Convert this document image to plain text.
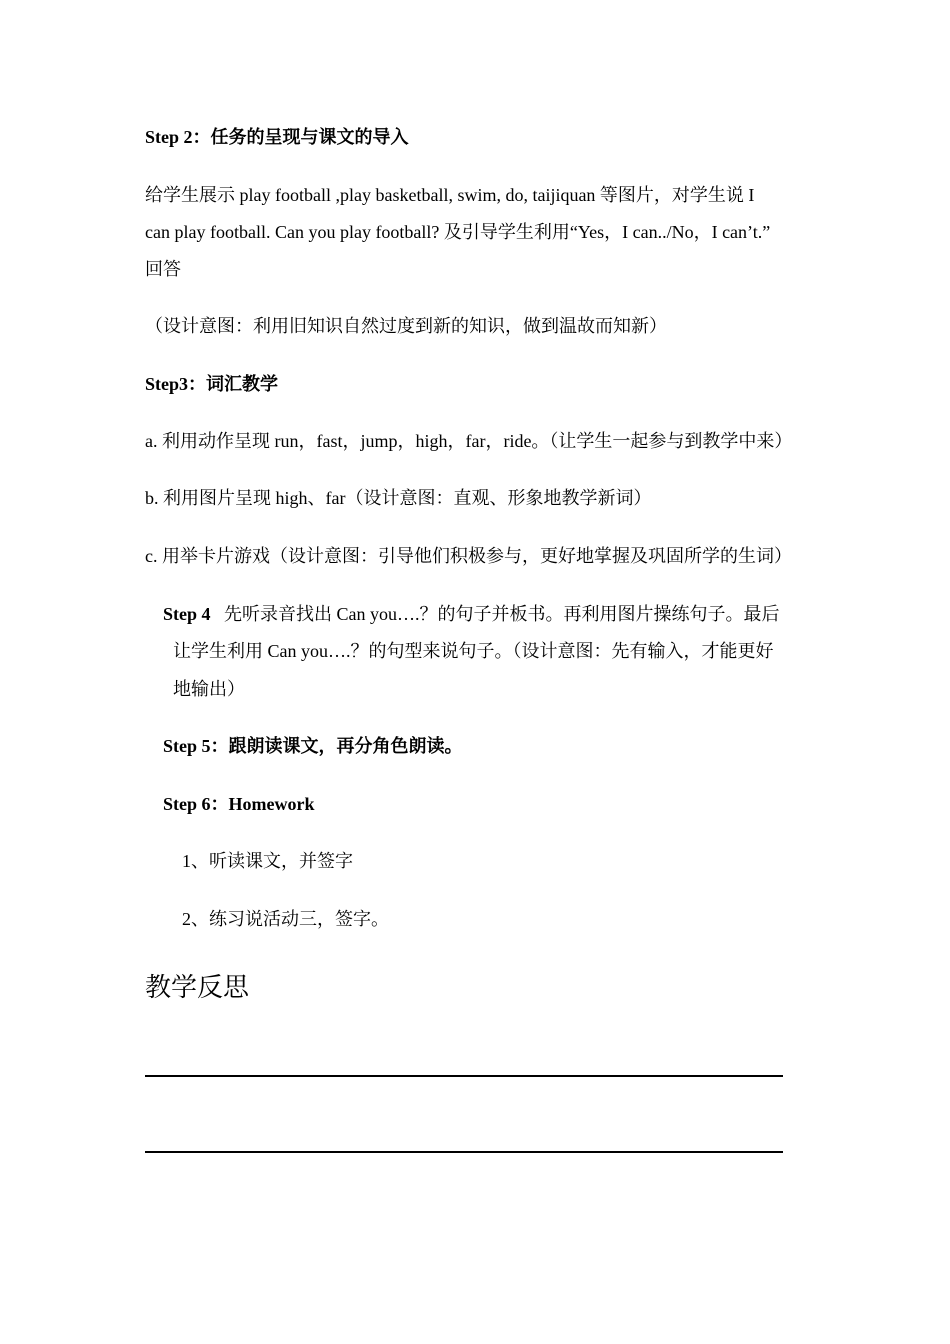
Step 2：任务的呈现与课文的导入
给学生展示 play football ,play basketball, swim, do, taijiquan 等图片，对学生说 I
can play football. Can you play football? 及引导学生利用“Yes，I can../No，I can’t.”
回答
（设计意图：利用旧知识自然过度到新的知识，做到温故而知新）
Step3：词汇教学
a. 利用动作呈现 run，fast，jump，high，far，ride。（让学生一起参与到教学中来）
b. 利用图片呈现 high、far（设计意图：直观、形象地教学新词）
c. 用举卡片游戏（设计意图：引导他们积极参与，更好地掌握及巩固所学的生词）
Step 4 先听录音找出 Can you….？的句子并板书。再利用图片操练句子。最后
让学生利用 Can you….？的句型来说句子。（设计意图：先有输入，才能更好
地输出）
Step 5：跟朗读课文，再分角色朗读。
Step 6：Homework
1、听读课文，并签字
2、练习说活动三，签字。
教学反思
